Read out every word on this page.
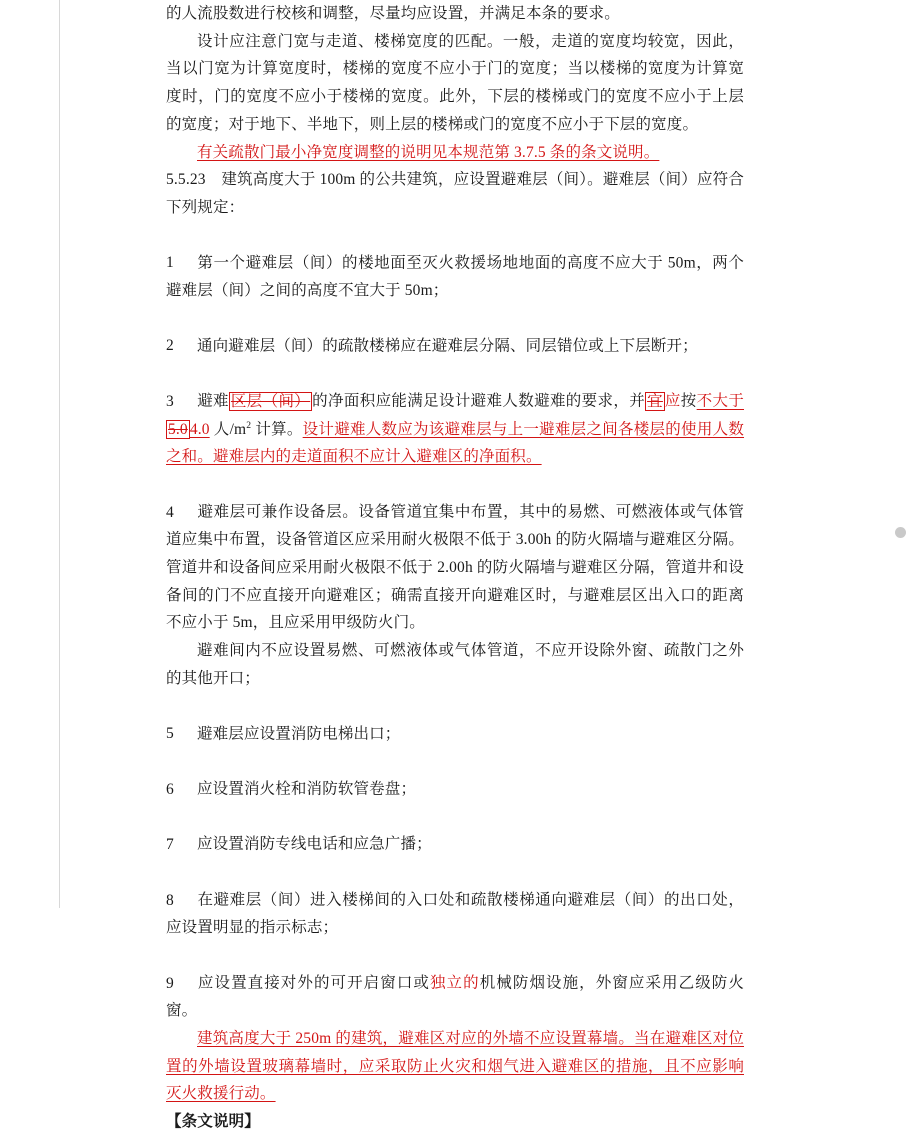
的人流股数进行校核和调整，尽量均应设置，并满足本条的要求。

设计应注意门宽与走道、楼梯宽度的匹配。一般，走道的宽度均较宽，因此，当以门宽为计算宽度时，楼梯的宽度不应小于门的宽度；当以楼梯的宽度为计算宽度时，门的宽度不应小于楼梯的宽度。此外，下层的楼梯或门的宽度不应小于上层的宽度；对于地下、半地下，则上层的楼梯或门的宽度不应小于下层的宽度。

有关疏散门最小净宽度调整的说明见本规范第 3.7.5 条的条文说明。

5.5.23　建筑高度大于 100m 的公共建筑，应设置避难层（间）。避难层（间）应符合下列规定：

　　1　第一个避难层（间）的楼地面至灭火救援场地地面的高度不应大于 50m，两个避难层（间）之间的高度不宜大于 50m；

　　2　通向避难层（间）的疏散楼梯应在避难层分隔、同层错位或上下层断开；

　　3　避难 区层（间） 的净面积应能满足设计避难人数避难的要求，并 宜 应按不大于 5.0 4.0 人$/m^2$ 计算。设计避难人数应为该避难层与上一避难层之间各楼层的使用人数之和。避难层内的走道面积不应计入避难区的净面积。

　　4　避难层可兼作设备层。设备管道宜集中布置，其中的易燃、可燃液体或气体管道应集中布置，设备管道区应采用耐火极限不低于 3.00h 的防火隔墙与避难区分隔。管道井和设备间应采用耐火极限不低于 2.00h 的防火隔墙与避难区分隔，管道井和设备间的门不应直接开向避难区；确需直接开向避难区时，与避难层区出入口的距离不应小于 5m，且应采用甲级防火门。

避难间内不应设置易燃、可燃液体或气体管道，不应开设除外窗、疏散门之外的其他开口；

　　5　避难层应设置消防电梯出口；

　　6　应设置消火栓和消防软管卷盘；

　　7　应设置消防专线电话和应急广播；

　　8　在避难层（间）进入楼梯间的入口处和疏散楼梯通向避难层（间）的出口处，应设置明显的指示标志；

　　9　应设置直接对外的可开启窗口或独立的机械防烟设施，外窗应采用乙级防火窗。

建筑高度大于 250m 的建筑，避难区对应的外墙不应设置幕墙。当在避难区对位置的外墙设置玻璃幕墙时，应采取防止火灾和烟气进入避难区的措施，且不应影响灭火救援行动。

【条文说明】
